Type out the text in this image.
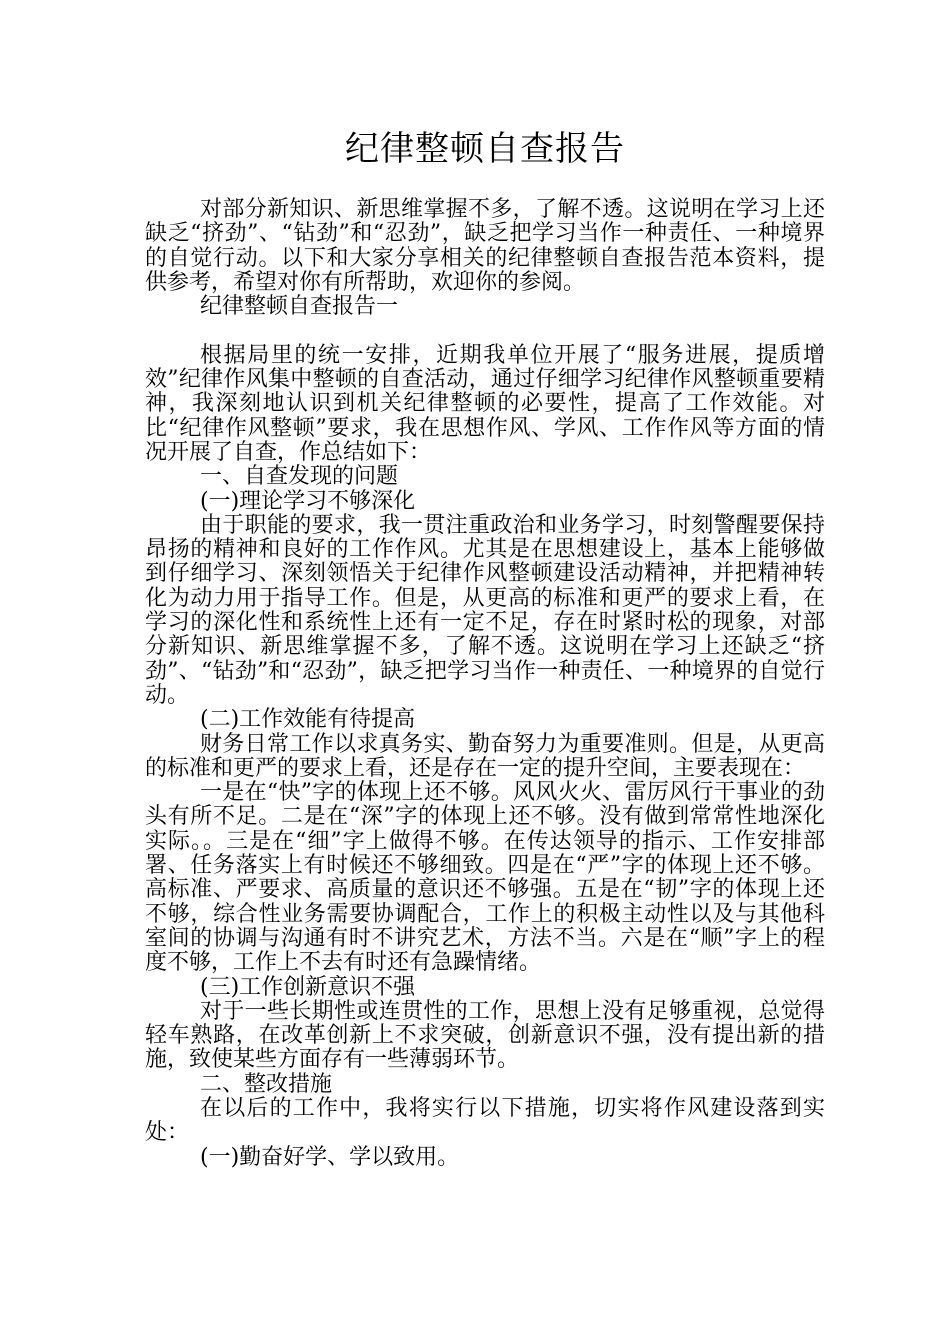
纪律整顿自查报告

对部分新知识、新思维掌握不多，了解不透。这说明在学习上还缺乏“挤劲”、“钻劲”和“忍劲”，缺乏把学习当作一种责任、一种境界的自觉行动。以下和大家分享相关的纪律整顿自查报告范本资料，提供参考，希望对你有所帮助，欢迎你的参阅。

纪律整顿自查报告一

根据局里的统一安排，近期我单位开展了“服务进展，提质增效”纪律作风集中整顿的自查活动，通过仔细学习纪律作风整顿重要精神，我深刻地认识到机关纪律整顿的必要性，提高了工作效能。对比“纪律作风整顿”要求，我在思想作风、学风、工作作风等方面的情况开展了自查，作总结如下：

一、自查发现的问题

(一)理论学习不够深化

由于职能的要求，我一贯注重政治和业务学习，时刻警醒要保持昂扬的精神和良好的工作作风。尤其是在思想建设上，基本上能够做到仔细学习、深刻领悟关于纪律作风整顿建设活动精神，并把精神转化为动力用于指导工作。但是，从更高的标准和更严的要求上看，在学习的深化性和系统性上还有一定不足，存在时紧时松的现象，对部分新知识、新思维掌握不多，了解不透。这说明在学习上还缺乏“挤劲”、“钻劲”和“忍劲”，缺乏把学习当作一种责任、一种境界的自觉行动。

(二)工作效能有待提高

财务日常工作以求真务实、勤奋努力为重要准则。但是，从更高的标准和更严的要求上看，还是存在一定的提升空间，主要表现在：

一是在“快”字的体现上还不够。风风火火、雷厉风行干事业的劲头有所不足。二是在“深”字的体现上还不够。没有做到常常性地深化实际。。三是在“细”字上做得不够。在传达领导的指示、工作安排部署、任务落实上有时候还不够细致。四是在“严”字的体现上还不够。高标准、严要求、高质量的意识还不够强。五是在“韧”字的体现上还不够，综合性业务需要协调配合，工作上的积极主动性以及与其他科室间的协调与沟通有时不讲究艺术，方法不当。六是在“顺”字上的程度不够，工作上不去有时还有急躁情绪。

(三)工作创新意识不强

对于一些长期性或连贯性的工作，思想上没有足够重视，总觉得轻车熟路，在改革创新上不求突破，创新意识不强，没有提出新的措施，致使某些方面存有一些薄弱环节。

二、整改措施

在以后的工作中，我将实行以下措施，切实将作风建设落到实处：

(一)勤奋好学、学以致用。
